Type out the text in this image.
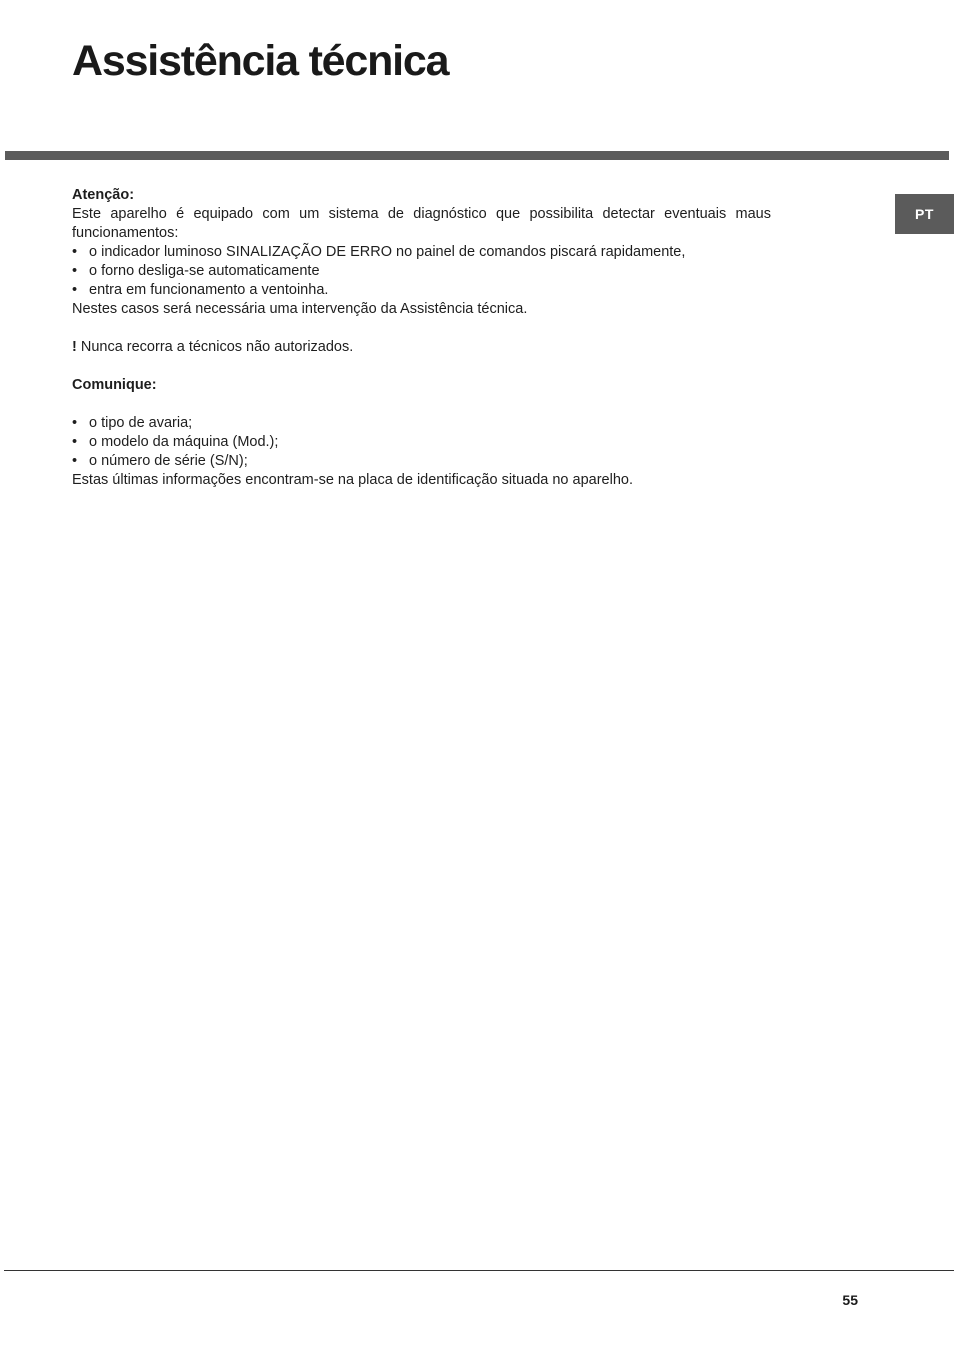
Assistência técnica
PT

Atenção:

Este aparelho é equipado com um sistema de diagnóstico que possibilita detectar eventuais maus funcionamentos:

• o indicador luminoso SINALIZAÇÃO DE ERRO no painel de comandos piscará rapidamente,
• o forno desliga-se automaticamente
• entra em funcionamento a ventoinha.

Nestes casos será necessária uma intervenção da Assistência técnica.

! Nunca recorra a técnicos não autorizados.

Comunique:

• o tipo de avaria;
• o modelo da máquina (Mod.);
• o número de série (S/N);

Estas últimas informações encontram-se na placa de identificação situada no aparelho.

55
